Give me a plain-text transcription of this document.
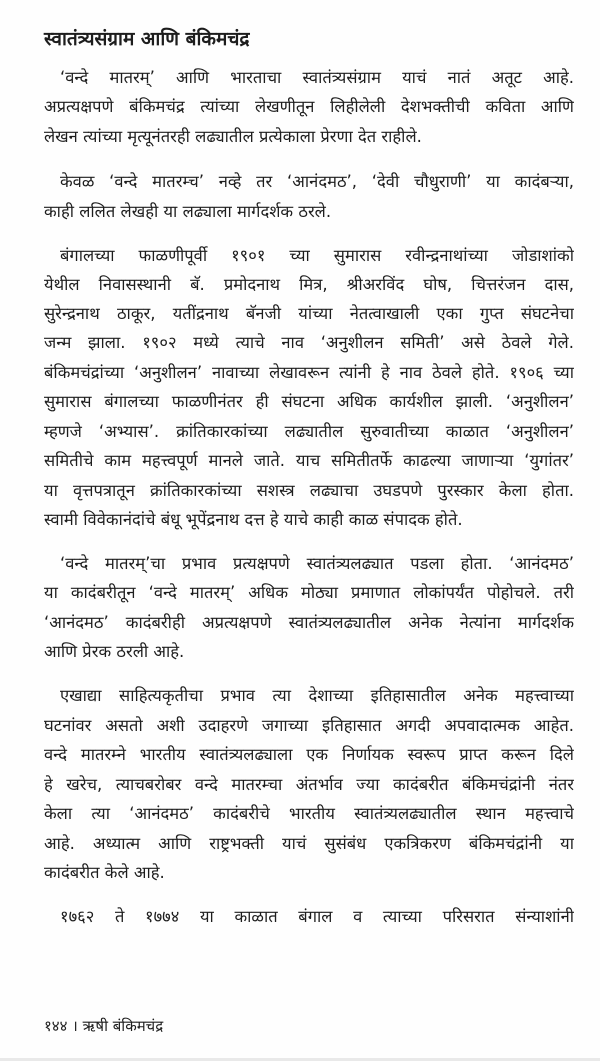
स्वातंत्र्यसंग्राम आणि बंकिमचंद्र
‘वन्दे मातरम्’ आणि भारताचा स्वातंत्र्यसंग्राम याचं नातं अतूट आहे.
अप्रत्यक्षपणे बंकिमचंद्र त्यांच्या लेखणीतून लिहीलेली देशभक्तीची कविता आणि
लेखन त्यांच्या मृत्यूनंतरही लढ्यातील प्रत्येकाला प्रेरणा देत राहीले.
केवळ ‘वन्दे मातरम्च’ नव्हे तर ‘आनंदमठ’, ‘देवी चौधुराणी’ या कादंबऱ्या,
काही ललित लेखही या लढ्याला मार्गदर्शक ठरले.
बंगालच्या फाळणीपूर्वी १९०१ च्या सुमारास रवीन्द्रनाथांच्या जोडाशांको
येथील निवासस्थानी बॅ. प्रमोदनाथ मित्र, श्रीअरविंद घोष, चित्तरंजन दास,
सुरेन्द्रनाथ ठाकूर, यतींद्रनाथ बॅनजी यांच्या नेतत्वाखाली एका गुप्त संघटनेचा
जन्म झाला. १९०२ मध्ये त्याचे नाव ‘अनुशीलन समिती’ असे ठेवले गेले.
बंकिमचंद्रांच्या ‘अनुशीलन’ नावाच्या लेखावरून त्यांनी हे नाव ठेवले होते. १९०६ च्या
सुमारास बंगालच्या फाळणीनंतर ही संघटना अधिक कार्यशील झाली. ‘अनुशीलन’
म्हणजे ‘अभ्यास’. क्रांतिकारकांच्या लढ्यातील सुरुवातीच्या काळात ‘अनुशीलन’
समितीचे काम महत्त्वपूर्ण मानले जाते. याच समितीतर्फे काढल्या जाणाऱ्या ‘युगांतर’
या वृत्तपत्रातून क्रांतिकारकांच्या सशस्त्र लढ्याचा उघडपणे पुरस्कार केला होता.
स्वामी विवेकानंदांचे बंधू भूपेंद्रनाथ दत्त हे याचे काही काळ संपादक होते.
‘वन्दे मातरम्’चा प्रभाव प्रत्यक्षपणे स्वातंत्र्यलढ्यात पडला होता. ‘आनंदमठ’
या कादंबरीतून ‘वन्दे मातरम्’ अधिक मोठ्या प्रमाणात लोकांपर्यंत पोहोचले. तरी
‘आनंदमठ’ कादंबरीही अप्रत्यक्षपणे स्वातंत्र्यलढ्यातील अनेक नेत्यांना मार्गदर्शक
आणि प्रेरक ठरली आहे.
एखाद्या साहित्यकृतीचा प्रभाव त्या देशाच्या इतिहासातील अनेक महत्त्वाच्या
घटनांवर असतो अशी उदाहरणे जगाच्या इतिहासात अगदी अपवादात्मक आहेत.
वन्दे मातरम्ने भारतीय स्वातंत्र्यलढ्याला एक निर्णायक स्वरूप प्राप्त करून दिले
हे खरेच, त्याचबरोबर वन्दे मातरम्चा अंतर्भाव ज्या कादंबरीत बंकिमचंद्रांनी नंतर
केला त्या ‘आनंदमठ’ कादंबरीचे भारतीय स्वातंत्र्यलढ्यातील स्थान महत्त्वाचे
आहे. अध्यात्म आणि राष्ट्रभक्ती याचं सुसंबंध एकत्रिकरण बंकिमचंद्रांनी या
कादंबरीत केले आहे.
१७६२ ते १७७४ या काळात बंगाल व त्याच्या परिसरात संन्याशांनी
१४४ । ऋषी बंकिमचंद्र
